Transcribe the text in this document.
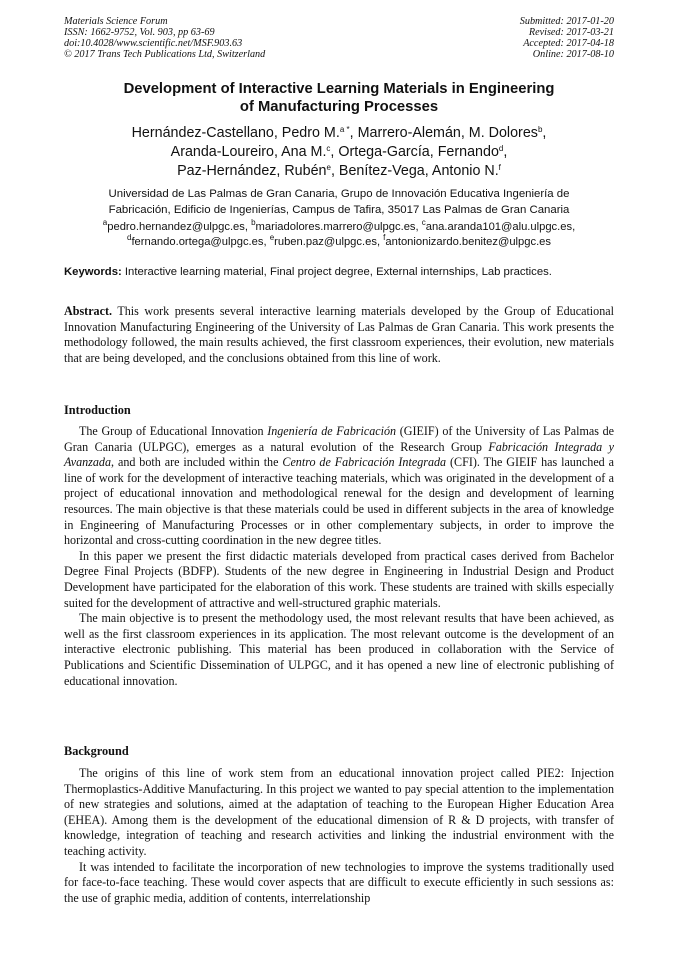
Materials Science Forum
ISSN: 1662-9752, Vol. 903, pp 63-69
doi:10.4028/www.scientific.net/MSF.903.63
© 2017 Trans Tech Publications Ltd, Switzerland
Submitted: 2017-01-20
Revised: 2017-03-21
Accepted: 2017-04-18
Online: 2017-08-10
Development of Interactive Learning Materials in Engineering
of Manufacturing Processes
Hernández-Castellano, Pedro M.$^{a *}$, Marrero-Alemán, M. Dolores$^b$,
Aranda-Loureiro, Ana M.$^c$, Ortega-García, Fernando$^d$,
Paz-Hernández, Rubén$^e$, Benítez-Vega, Antonio N.$^f$
Universidad de Las Palmas de Gran Canaria, Grupo de Innovación Educativa Ingeniería de
Fabricación, Edificio de Ingenierías, Campus de Tafira, 35017 Las Palmas de Gran Canaria
$^a$pedro.hernandez@ulpgc.es, $^b$mariadolores.marrero@ulpgc.es, $^c$ana.aranda101@alu.ulpgc.es,
$^d$fernando.ortega@ulpgc.es, $^e$ruben.paz@ulpgc.es, $^f$antonionizardo.benitez@ulpgc.es
Keywords: Interactive learning material, Final project degree, External internships, Lab practices.

Abstract. This work presents several interactive learning materials developed by the Group of Educational Innovation Manufacturing Engineering of the University of Las Palmas de Gran Canaria. This work presents the methodology followed, the main results achieved, the first classroom experiences, their evolution, new materials that are being developed, and the conclusions obtained from this line of work.

Introduction

The Group of Educational Innovation Ingeniería de Fabricación (GIEIF) of the University of Las Palmas de Gran Canaria (ULPGC), emerges as a natural evolution of the Research Group Fabricación Integrada y Avanzada, and both are included within the Centro de Fabricación Integrada (CFI). The GIEIF has launched a line of work for the development of interactive teaching materials, which was originated in the development of a project of educational innovation and methodological renewal for the design and development of learning resources. The main objective is that these materials could be used in different subjects in the area of knowledge in Engineering of Manufacturing Processes or in other complementary subjects, in order to improve the horizontal and cross-cutting coordination in the new degree titles.

In this paper we present the first didactic materials developed from practical cases derived from Bachelor Degree Final Projects (BDFP). Students of the new degree in Engineering in Industrial Design and Product Development have participated for the elaboration of this work. These students are trained with skills especially suited for the development of attractive and well-structured graphic materials.

The main objective is to present the methodology used, the most relevant results that have been achieved, as well as the first classroom experiences in its application. The most relevant outcome is the development of an interactive electronic publishing. This material has been produced in collaboration with the Service of Publications and Scientific Dissemination of ULPGC, and it has opened a new line of electronic publishing of educational innovation.

Background

The origins of this line of work stem from an educational innovation project called PIE2: Injection Thermoplastics-Additive Manufacturing. In this project we wanted to pay special attention to the implementation of new strategies and solutions, aimed at the adaptation of teaching to the European Higher Education Area (EHEA). Among them is the development of the educational dimension of R & D projects, with transfer of knowledge, integration of teaching and research activities and linking the industrial environment with the teaching activity.

It was intended to facilitate the incorporation of new technologies to improve the systems traditionally used for face-to-face teaching. These would cover aspects that are difficult to execute efficiently in such sessions as: the use of graphic media, addition of contents, interrelationship
